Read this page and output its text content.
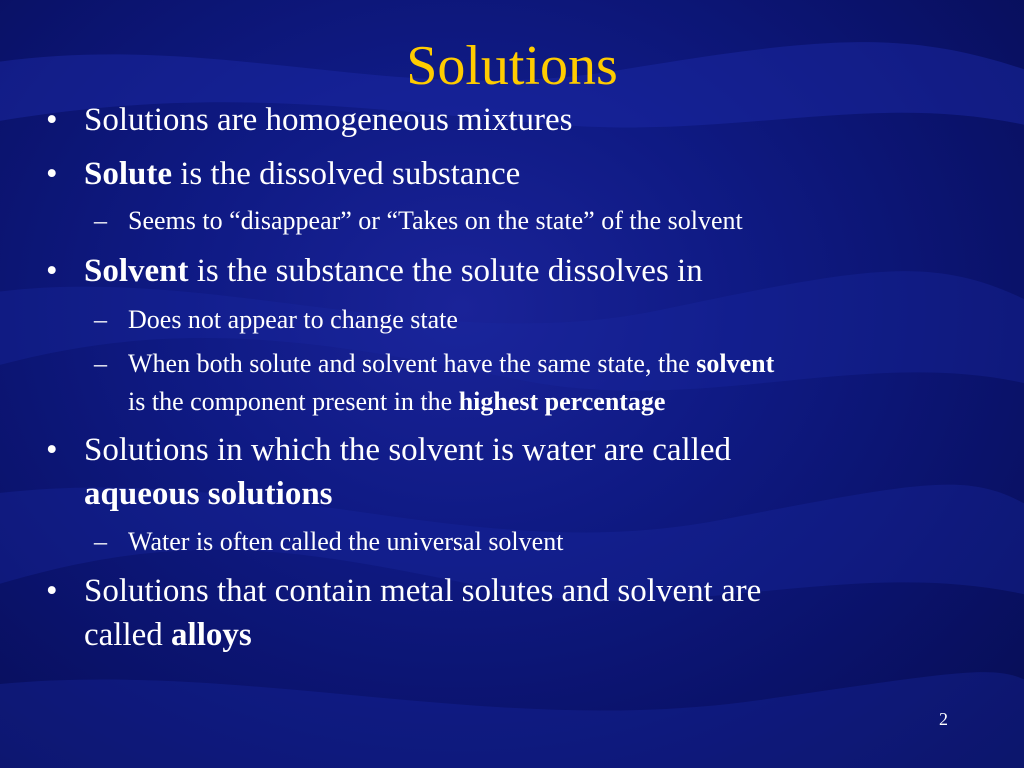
Solutions
• Solutions are homogeneous mixtures
• Solute is the dissolved substance
– Seems to “disappear” or “Takes on the state” of the solvent
• Solvent is the substance the solute dissolves in
– Does not appear to change state
– When both solute and solvent have the same state, the solvent
is the component present in the highest percentage
• Solutions in which the solvent is water are called
aqueous solutions
– Water is often called the universal solvent
• Solutions that contain metal solutes and solvent are
called alloys
2
